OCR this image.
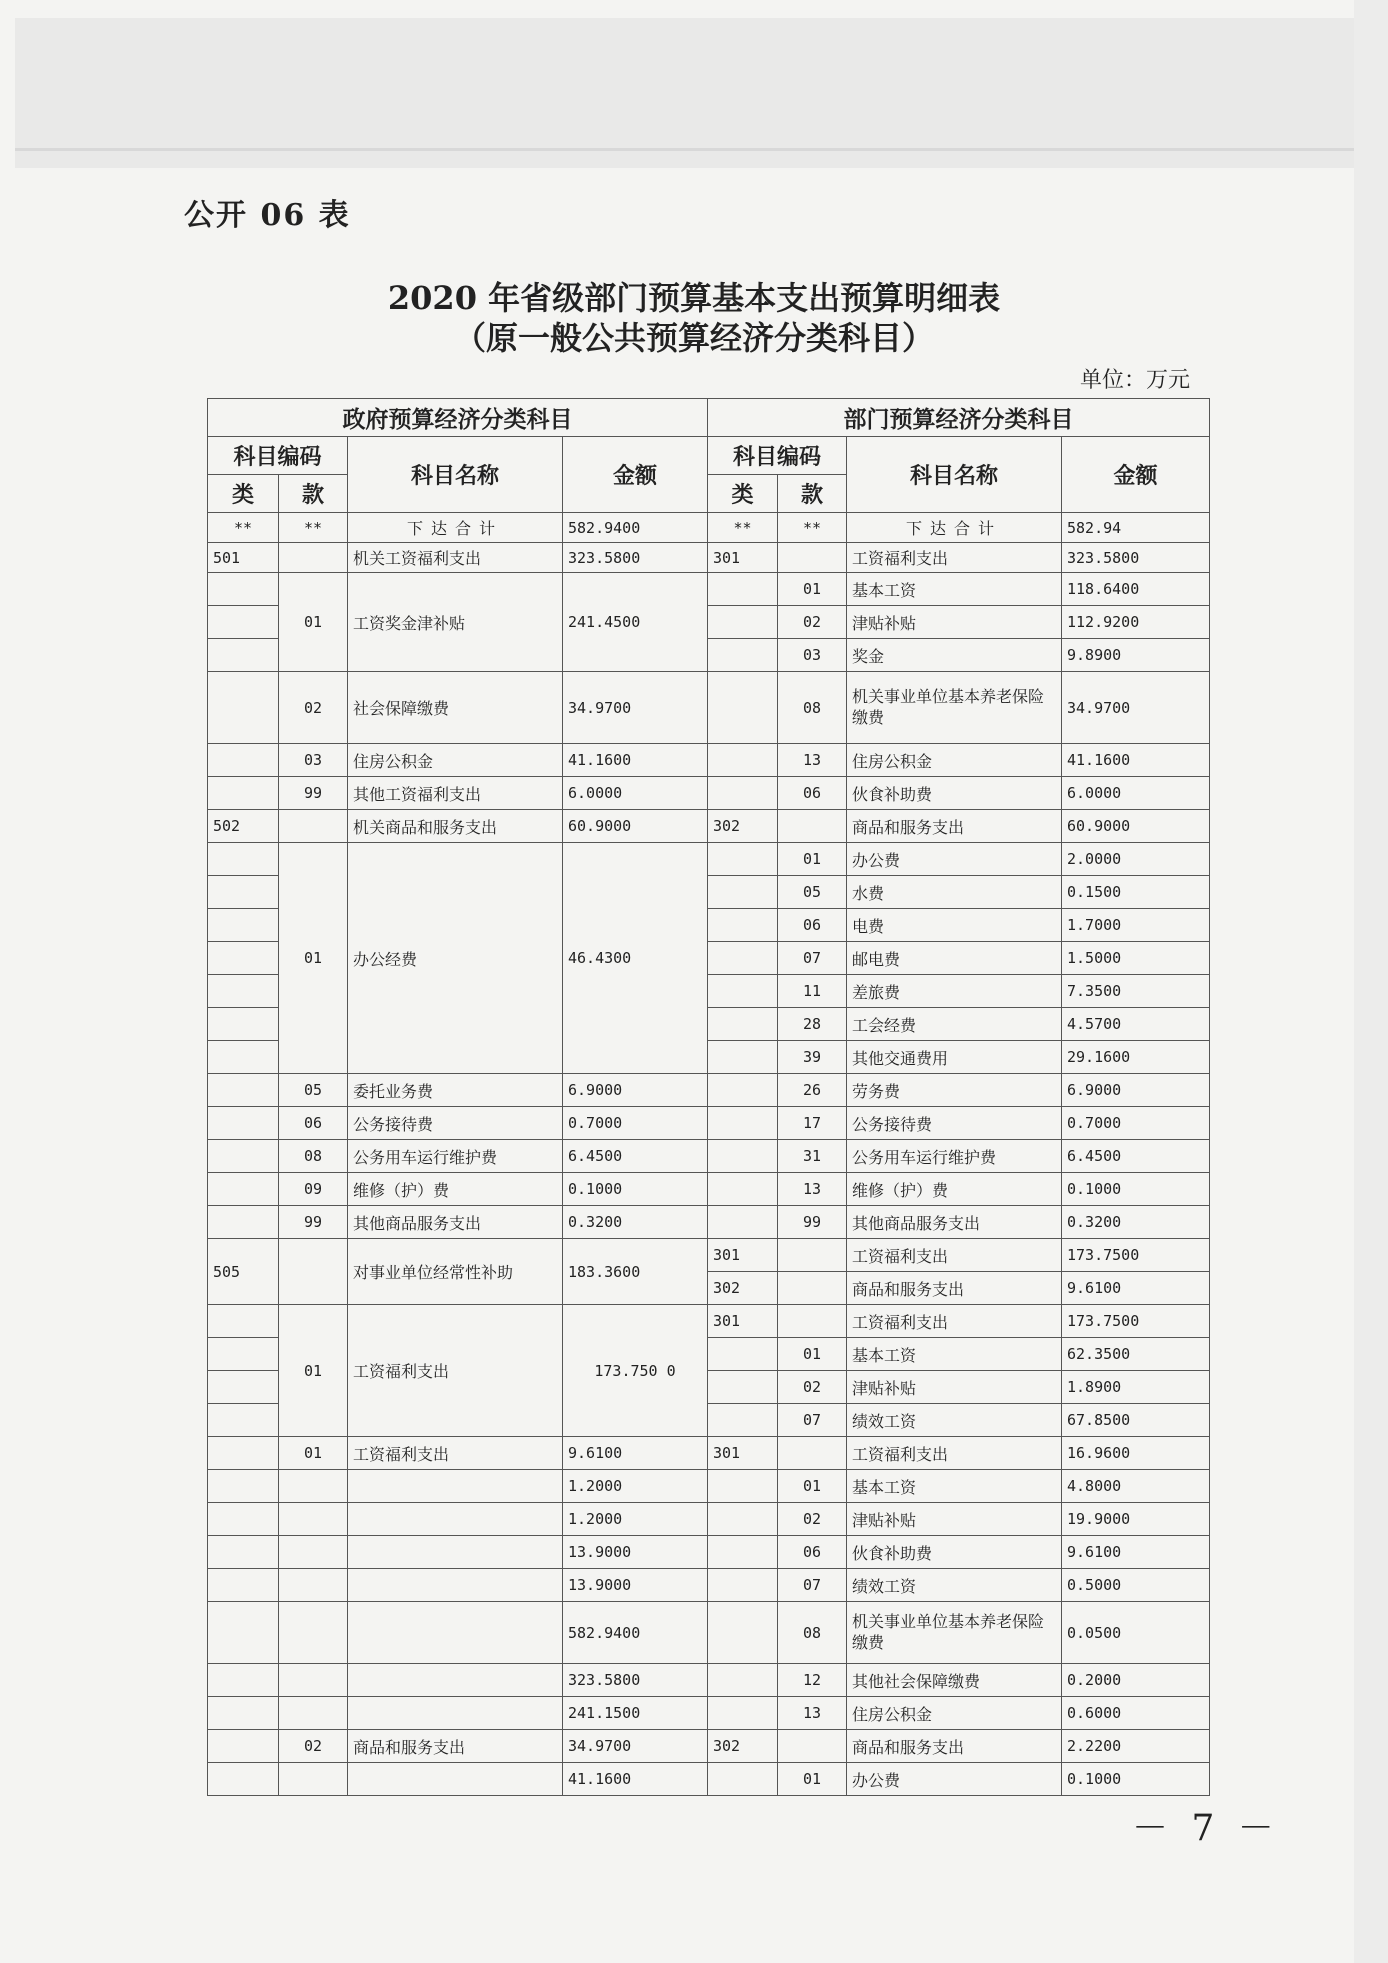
公开 06 表
2020 年省级部门预算基本支出预算明细表
（原一般公共预算经济分类科目）
单位：万元
政府预算经济分类科目				部门预算经济分类科目			
科目编码		科目名称	金额	科目编码		科目名称	金额
类	款			类	款		
**	**	下达合计	582.9400	**	**	下达合计	582.94
501		机关工资福利支出	323.5800	301		工资福利支出	323.5800
	01	工资奖金津补贴	241.4500		01	基本工资	118.6400
					02	津贴补贴	112.9200
					03	奖金	9.8900
	02	社会保障缴费	34.9700		08	机关事业单位基本养老保险缴费	34.9700
	03	住房公积金	41.1600		13	住房公积金	41.1600
	99	其他工资福利支出	6.0000		06	伙食补助费	6.0000
502		机关商品和服务支出	60.9000	302		商品和服务支出	60.9000
	01	办公经费	46.4300		01	办公费	2.0000
					05	水费	0.1500
					06	电费	1.7000
					07	邮电费	1.5000
					11	差旅费	7.3500
					28	工会经费	4.5700
					39	其他交通费用	29.1600
	05	委托业务费	6.9000		26	劳务费	6.9000
	06	公务接待费	0.7000		17	公务接待费	0.7000
	08	公务用车运行维护费	6.4500		31	公务用车运行维护费	6.4500
	09	维修（护）费	0.1000		13	维修（护）费	0.1000
	99	其他商品服务支出	0.3200		99	其他商品服务支出	0.3200
505		对事业单位经常性补助	183.3600	301		工资福利支出	173.7500
				302		商品和服务支出	9.6100
	01	工资福利支出	173.750 0	301		工资福利支出	173.7500
					01	基本工资	62.3500
					02	津贴补贴	1.8900
					07	绩效工资	67.8500
	01	工资福利支出	9.6100	301		工资福利支出	16.9600
			1.2000		01	基本工资	4.8000
			1.2000		02	津贴补贴	19.9000
			13.9000		06	伙食补助费	9.6100
			13.9000		07	绩效工资	0.5000
			582.9400		08	机关事业单位基本养老保险缴费	0.0500
			323.5800		12	其他社会保障缴费	0.2000
			241.1500		13	住房公积金	0.6000
	02	商品和服务支出	34.9700	302		商品和服务支出	2.2200
			41.1600		01	办公费	0.1000
－ 7 －
